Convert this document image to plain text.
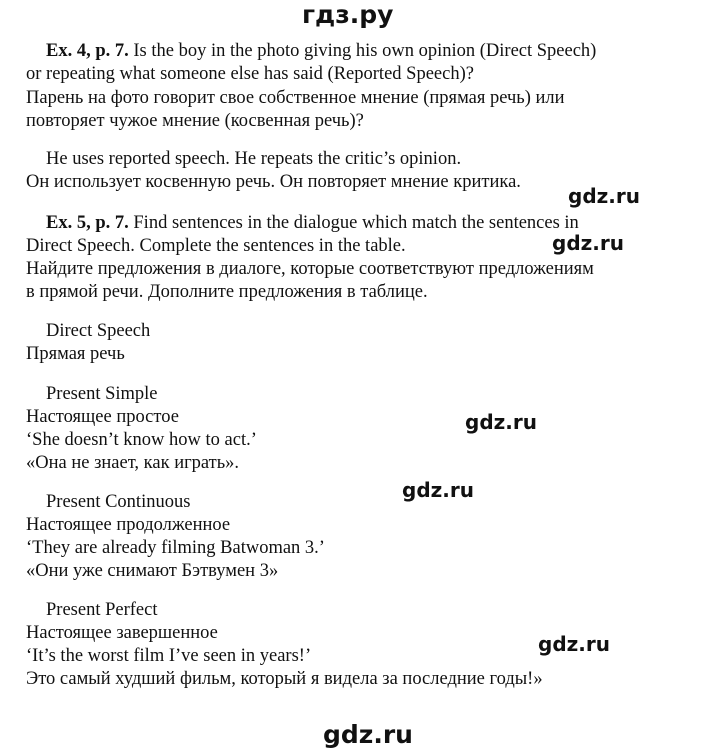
гдз.ру
gdz.ru
gdz.ru
gdz.ru
gdz.ru
gdz.ru
gdz.ru
Ex. 4, p. 7. Is the boy in the photo giving his own opinion (Direct Speech)
or repeating what someone else has said (Reported Speech)?
Парень на фото говорит свое собственное мнение (прямая речь) или
повторяет чужое мнение (косвенная речь)?
He uses reported speech. He repeats the critic’s opinion.
Он использует косвенную речь. Он повторяет мнение критика.
Ex. 5, p. 7. Find sentences in the dialogue which match the sentences in
Direct Speech. Complete the sentences in the table.
Найдите предложения в диалоге, которые соответствуют предложениям
в прямой речи. Дополните предложения в таблице.
Direct Speech
Прямая речь
Present Simple
Настоящее простое
‘She doesn’t know how to act.’
«Она не знает, как играть».
Present Continuous
Настоящее продолженное
‘They are already filming Batwoman 3.’
«Они уже снимают Бэтвумен 3»
Present Perfect
Настоящее завершенное
‘It’s the worst film I’ve seen in years!’
Это самый худший фильм, который я видела за последние годы!»
